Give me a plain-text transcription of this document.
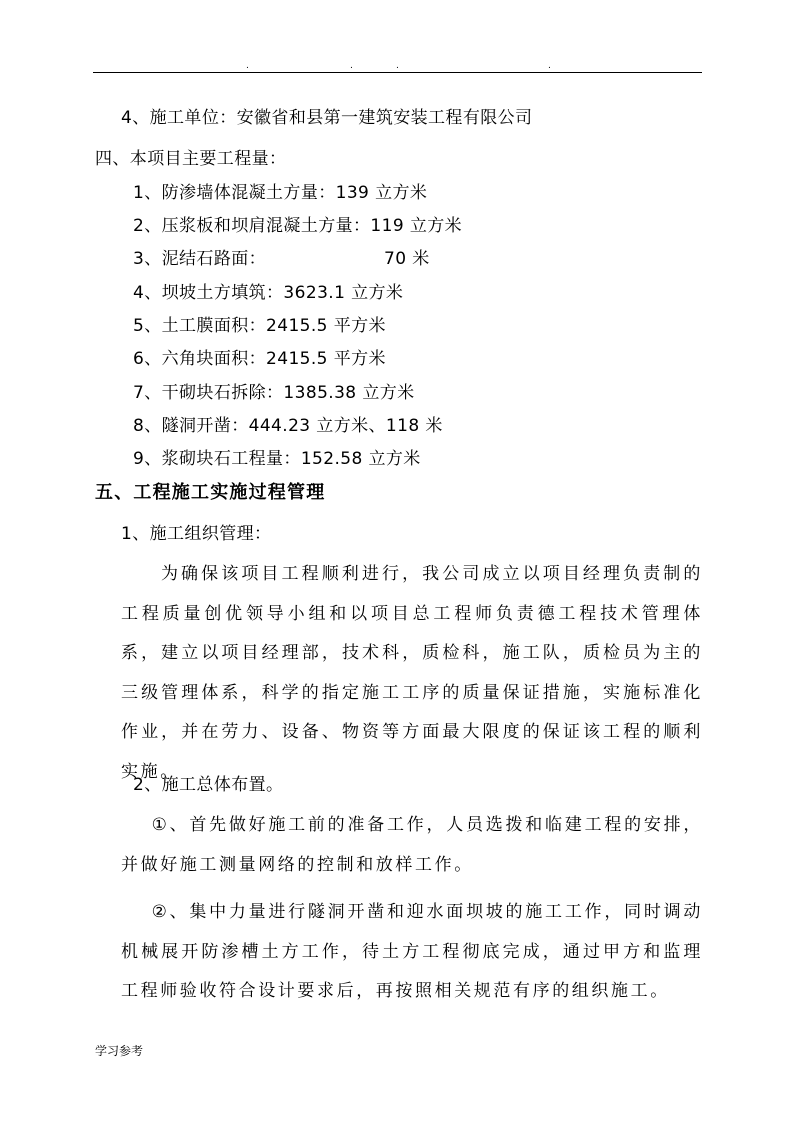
.	.	.	.
4、施工单位：安徽省和县第一建筑安装工程有限公司
四、本项目主要工程量：
1、防渗墙体混凝土方量：139 立方米
2、压浆板和坝肩混凝土方量：119 立方米
3、泥结石路面：	70 米
4、坝坡土方填筑：3623.1 立方米
5、土工膜面积：2415.5 平方米
6、六角块面积：2415.5 平方米
7、干砌块石拆除：1385.38 立方米
8、隧洞开凿：444.23 立方米、118 米
9、浆砌块石工程量：152.58 立方米
五、工程施工实施过程管理
1、施工组织管理：
为确保该项目工程顺利进行，我公司成立以项目经理负责制的工程质量创优领导小组和以项目总工程师负责德工程技术管理体系，建立以项目经理部，技术科，质检科，施工队，质检员为主的三级管理体系，科学的指定施工工序的质量保证措施，实施标准化作业，并在劳力、设备、物资等方面最大限度的保证该工程的顺利实施。
2、施工总体布置。
①、首先做好施工前的准备工作，人员选拨和临建工程的安排，并做好施工测量网络的控制和放样工作。
②、集中力量进行隧洞开凿和迎水面坝坡的施工工作，同时调动机械展开防渗槽土方工作，待土方工程彻底完成，通过甲方和监理工程师验收符合设计要求后，再按照相关规范有序的组织施工。
学习参考
